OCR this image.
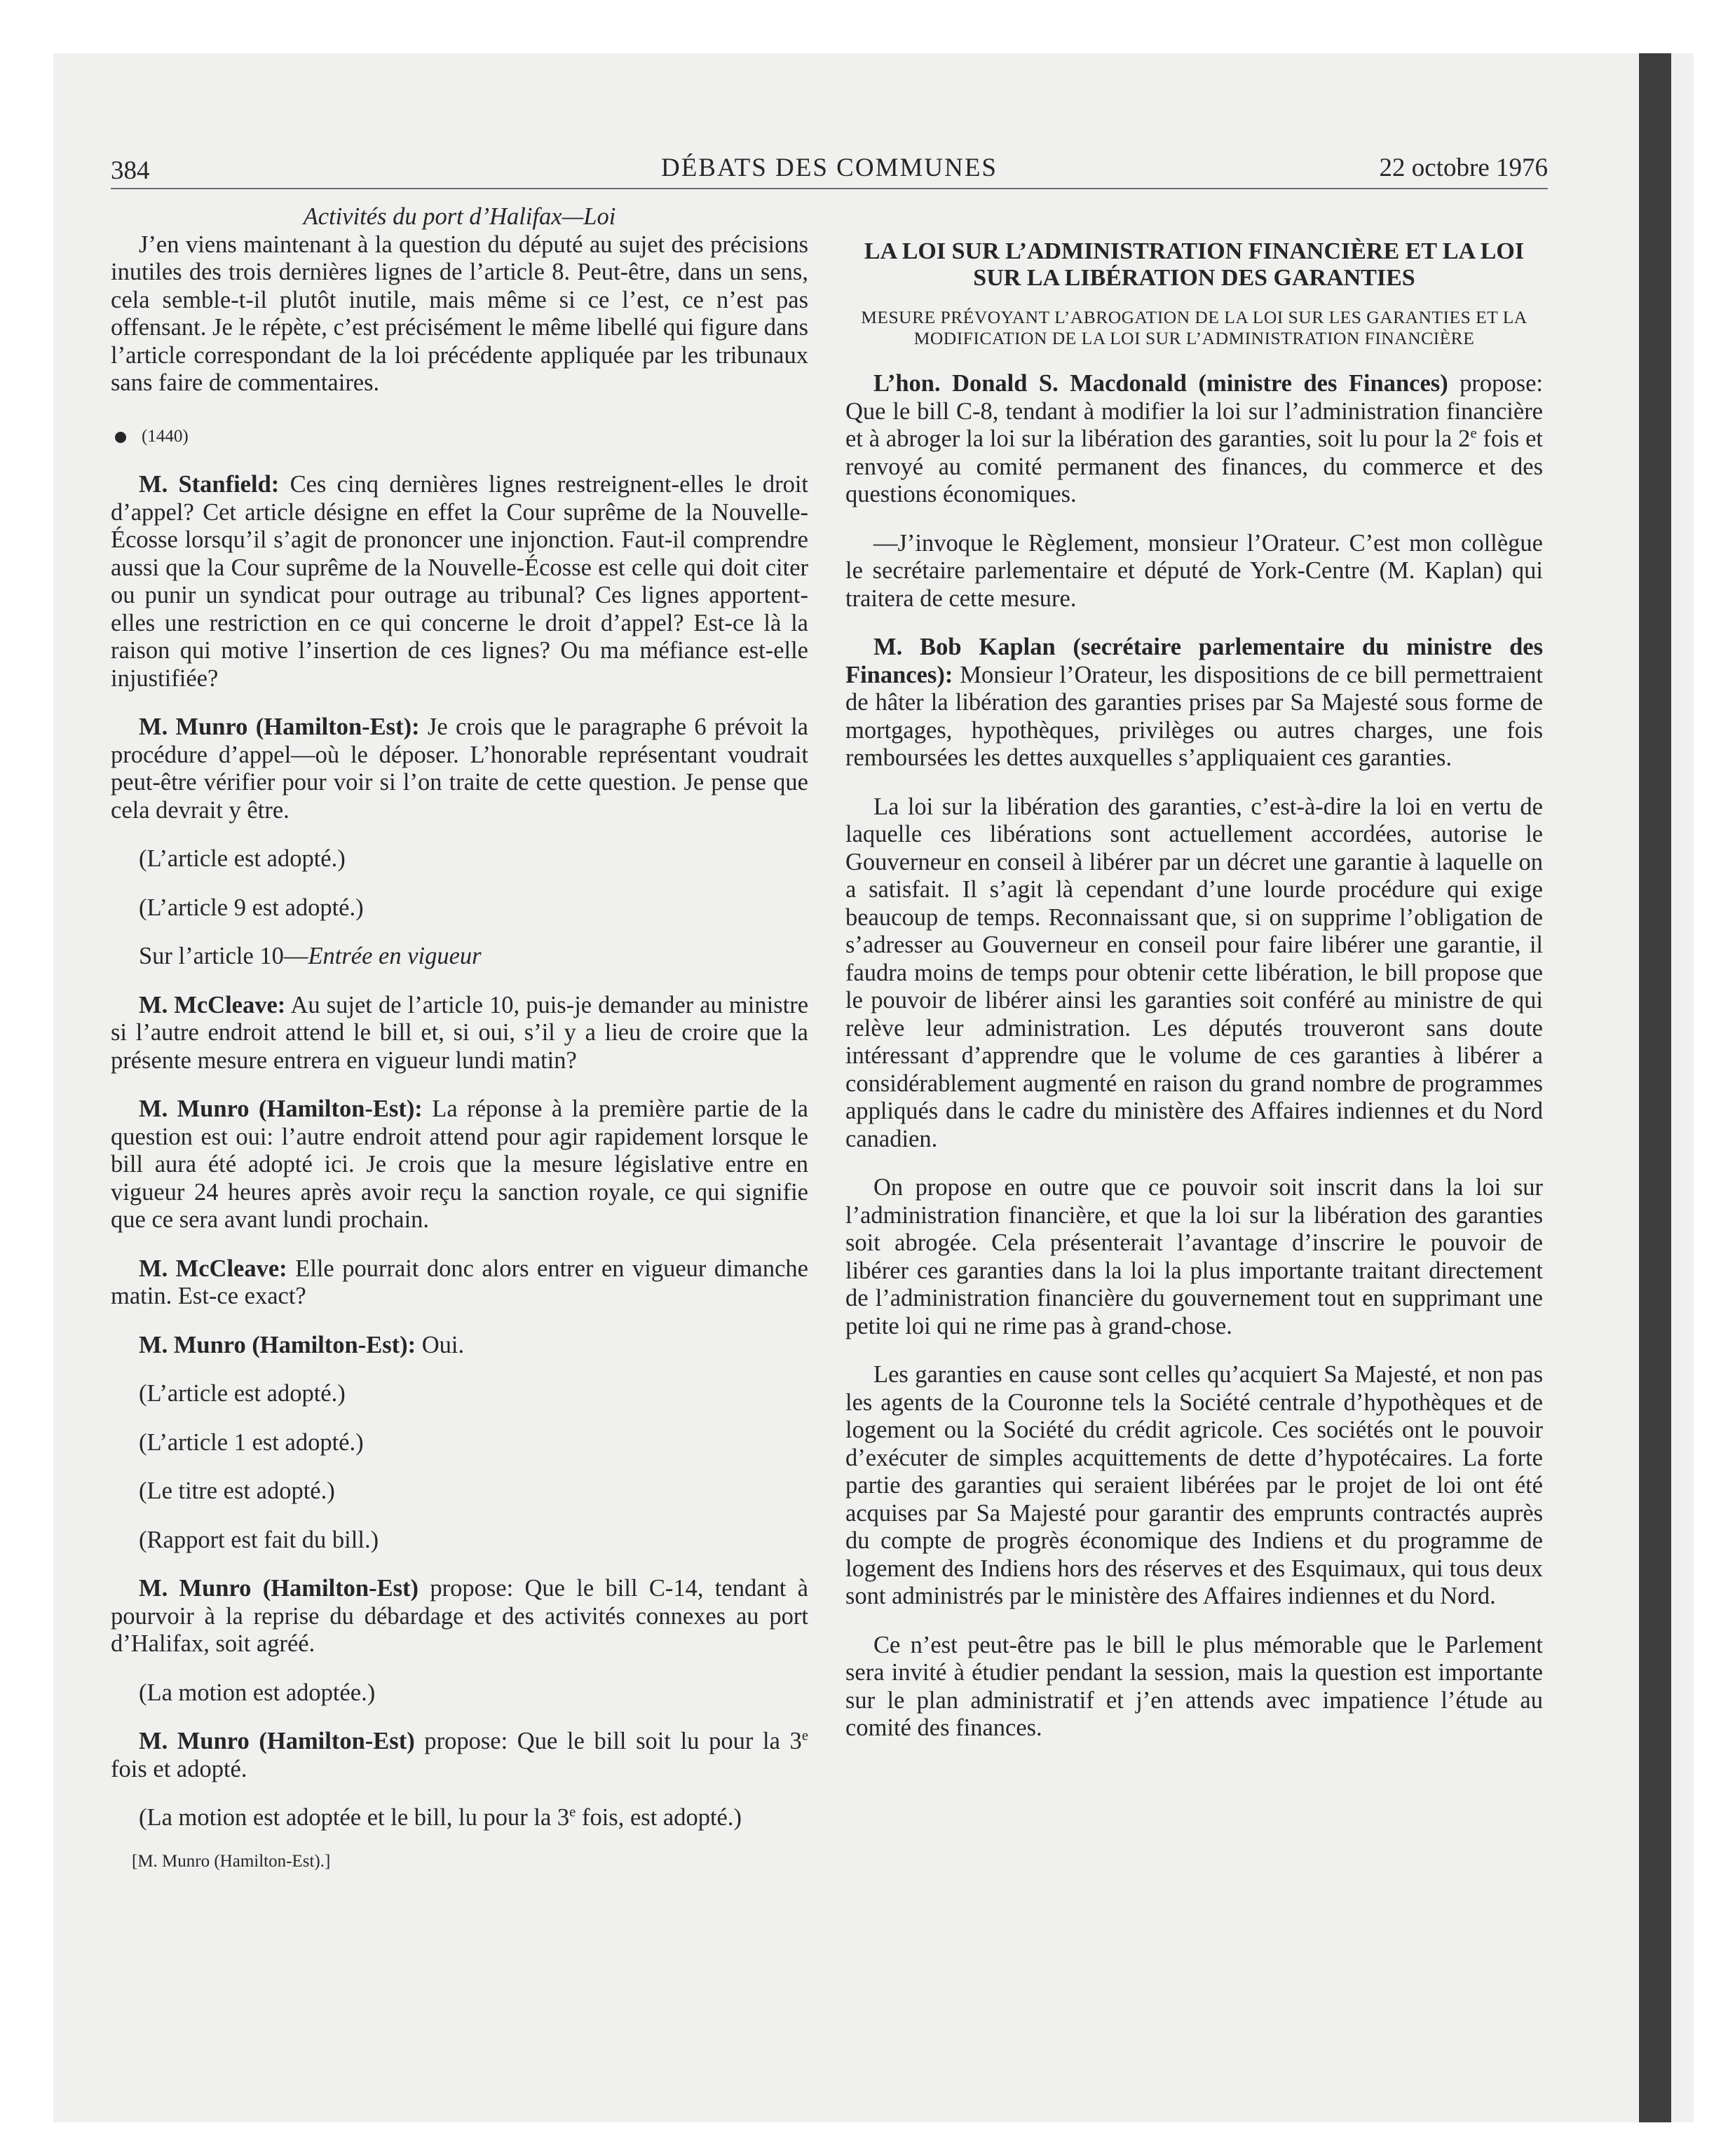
384	DÉBATS DES COMMUNES	22 octobre 1976

Activités du port d’Halifax—Loi

J’en viens maintenant à la question du député au sujet des précisions inutiles des trois dernières lignes de l’article 8. Peut-être, dans un sens, cela semble-t-il plutôt inutile, mais même si ce l’est, ce n’est pas offensant. Je le répète, c’est précisément le même libellé qui figure dans l’article correspondant de la loi précédente appliquée par les tribunaux sans faire de commentaires.

(1440)

M. Stanfield: Ces cinq dernières lignes restreignent-elles le droit d’appel? Cet article désigne en effet la Cour suprême de la Nouvelle-Écosse lorsqu’il s’agit de prononcer une injonction. Faut-il comprendre aussi que la Cour suprême de la Nouvelle-Écosse est celle qui doit citer ou punir un syndicat pour outrage au tribunal? Ces lignes apportent-elles une restriction en ce qui concerne le droit d’appel? Est-ce là la raison qui motive l’insertion de ces lignes? Ou ma méfiance est-elle injustifiée?

M. Munro (Hamilton-Est): Je crois que le paragraphe 6 prévoit la procédure d’appel—où le déposer. L’honorable représentant voudrait peut-être vérifier pour voir si l’on traite de cette question. Je pense que cela devrait y être.

(L’article est adopté.)

(L’article 9 est adopté.)

Sur l’article 10—Entrée en vigueur

M. McCleave: Au sujet de l’article 10, puis-je demander au ministre si l’autre endroit attend le bill et, si oui, s’il y a lieu de croire que la présente mesure entrera en vigueur lundi matin?

M. Munro (Hamilton-Est): La réponse à la première partie de la question est oui: l’autre endroit attend pour agir rapidement lorsque le bill aura été adopté ici. Je crois que la mesure législative entre en vigueur 24 heures après avoir reçu la sanction royale, ce qui signifie que ce sera avant lundi prochain.

M. McCleave: Elle pourrait donc alors entrer en vigueur dimanche matin. Est-ce exact?

M. Munro (Hamilton-Est): Oui.

(L’article est adopté.)

(L’article 1 est adopté.)

(Le titre est adopté.)

(Rapport est fait du bill.)

M. Munro (Hamilton-Est) propose: Que le bill C-14, tendant à pourvoir à la reprise du débardage et des activités connexes au port d’Halifax, soit agréé.

(La motion est adoptée.)

M. Munro (Hamilton-Est) propose: Que le bill soit lu pour la 3e fois et adopté.

(La motion est adoptée et le bill, lu pour la 3e fois, est adopté.)

[M. Munro (Hamilton-Est).]

LA LOI SUR L’ADMINISTRATION FINANCIÈRE ET LA LOI SUR LA LIBÉRATION DES GARANTIES

MESURE PRÉVOYANT L’ABROGATION DE LA LOI SUR LES GARANTIES ET LA MODIFICATION DE LA LOI SUR L’ADMINISTRATION FINANCIÈRE

L’hon. Donald S. Macdonald (ministre des Finances) propose: Que le bill C-8, tendant à modifier la loi sur l’administration financière et à abroger la loi sur la libération des garanties, soit lu pour la 2e fois et renvoyé au comité permanent des finances, du commerce et des questions économiques.

—J’invoque le Règlement, monsieur l’Orateur. C’est mon collègue le secrétaire parlementaire et député de York-Centre (M. Kaplan) qui traitera de cette mesure.

M. Bob Kaplan (secrétaire parlementaire du ministre des Finances): Monsieur l’Orateur, les dispositions de ce bill permettraient de hâter la libération des garanties prises par Sa Majesté sous forme de mortgages, hypothèques, privilèges ou autres charges, une fois remboursées les dettes auxquelles s’appliquaient ces garanties.

La loi sur la libération des garanties, c’est-à-dire la loi en vertu de laquelle ces libérations sont actuellement accordées, autorise le Gouverneur en conseil à libérer par un décret une garantie à laquelle on a satisfait. Il s’agit là cependant d’une lourde procédure qui exige beaucoup de temps. Reconnaissant que, si on supprime l’obligation de s’adresser au Gouverneur en conseil pour faire libérer une garantie, il faudra moins de temps pour obtenir cette libération, le bill propose que le pouvoir de libérer ainsi les garanties soit conféré au ministre de qui relève leur administration. Les députés trouveront sans doute intéressant d’apprendre que le volume de ces garanties à libérer a considérablement augmenté en raison du grand nombre de programmes appliqués dans le cadre du ministère des Affaires indiennes et du Nord canadien.

On propose en outre que ce pouvoir soit inscrit dans la loi sur l’administration financière, et que la loi sur la libération des garanties soit abrogée. Cela présenterait l’avantage d’inscrire le pouvoir de libérer ces garanties dans la loi la plus importante traitant directement de l’administration financière du gouvernement tout en supprimant une petite loi qui ne rime pas à grand-chose.

Les garanties en cause sont celles qu’acquiert Sa Majesté, et non pas les agents de la Couronne tels la Société centrale d’hypothèques et de logement ou la Société du crédit agricole. Ces sociétés ont le pouvoir d’exécuter de simples acquittements de dette d’hypotécaires. La forte partie des garanties qui seraient libérées par le projet de loi ont été acquises par Sa Majesté pour garantir des emprunts contractés auprès du compte de progrès économique des Indiens et du programme de logement des Indiens hors des réserves et des Esquimaux, qui tous deux sont administrés par le ministère des Affaires indiennes et du Nord.

Ce n’est peut-être pas le bill le plus mémorable que le Parlement sera invité à étudier pendant la session, mais la question est importante sur le plan administratif et j’en attends avec impatience l’étude au comité des finances.
